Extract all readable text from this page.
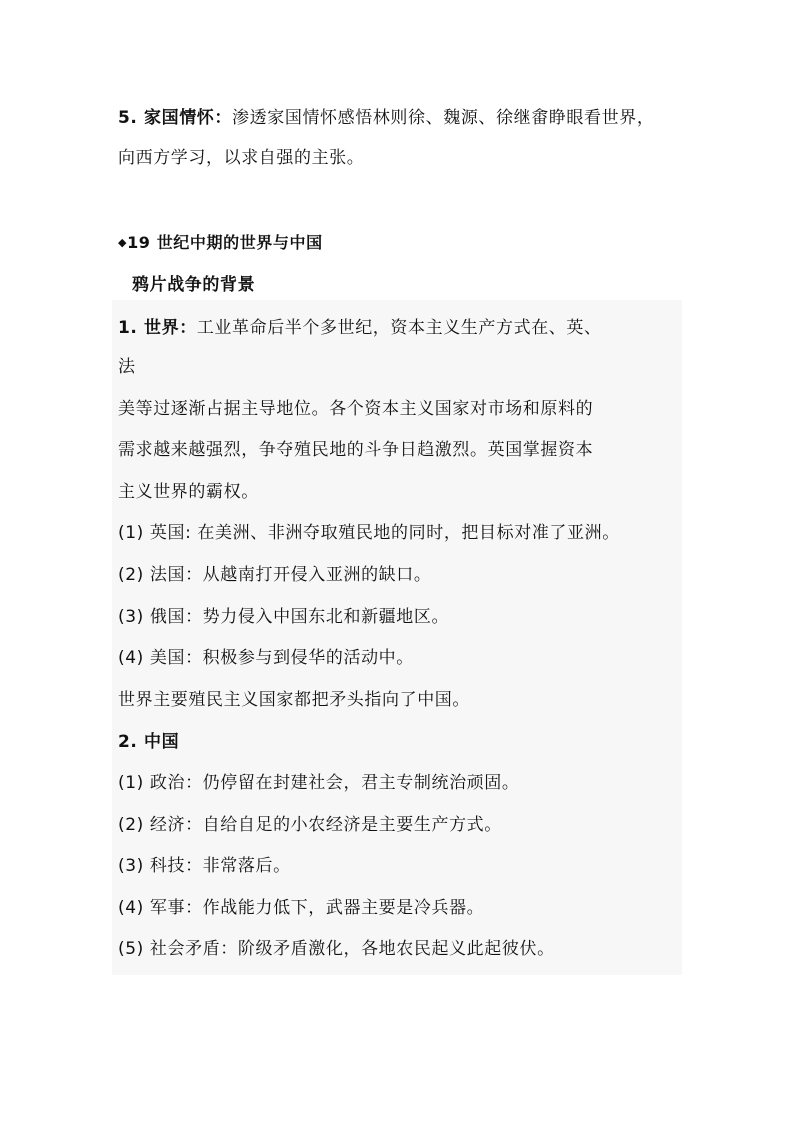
5. 家国情怀：渗透家国情怀感悟林则徐、魏源、徐继畬睁眼看世界，
向西方学习，以求自强的主张。
◆19 世纪中期的世界与中国
鸦片战争的背景
1. 世界：工业革命后半个多世纪，资本主义生产方式在、英、
法
美等过逐渐占据主导地位。各个资本主义国家对市场和原料的
需求越来越强烈，争夺殖民地的斗争日趋激烈。英国掌握资本
主义世界的霸权。
(1) 英国: 在美洲、非洲夺取殖民地的同时，把目标对准了亚洲。
(2) 法国：从越南打开侵入亚洲的缺口。
(3) 俄国：势力侵入中国东北和新疆地区。
(4) 美国：积极参与到侵华的活动中。
世界主要殖民主义国家都把矛头指向了中国。
2. 中国
(1) 政治：仍停留在封建社会，君主专制统治顽固。
(2) 经济：自给自足的小农经济是主要生产方式。
(3) 科技：非常落后。
(4) 军事：作战能力低下，武器主要是冷兵器。
(5) 社会矛盾：阶级矛盾激化，各地农民起义此起彼伏。
